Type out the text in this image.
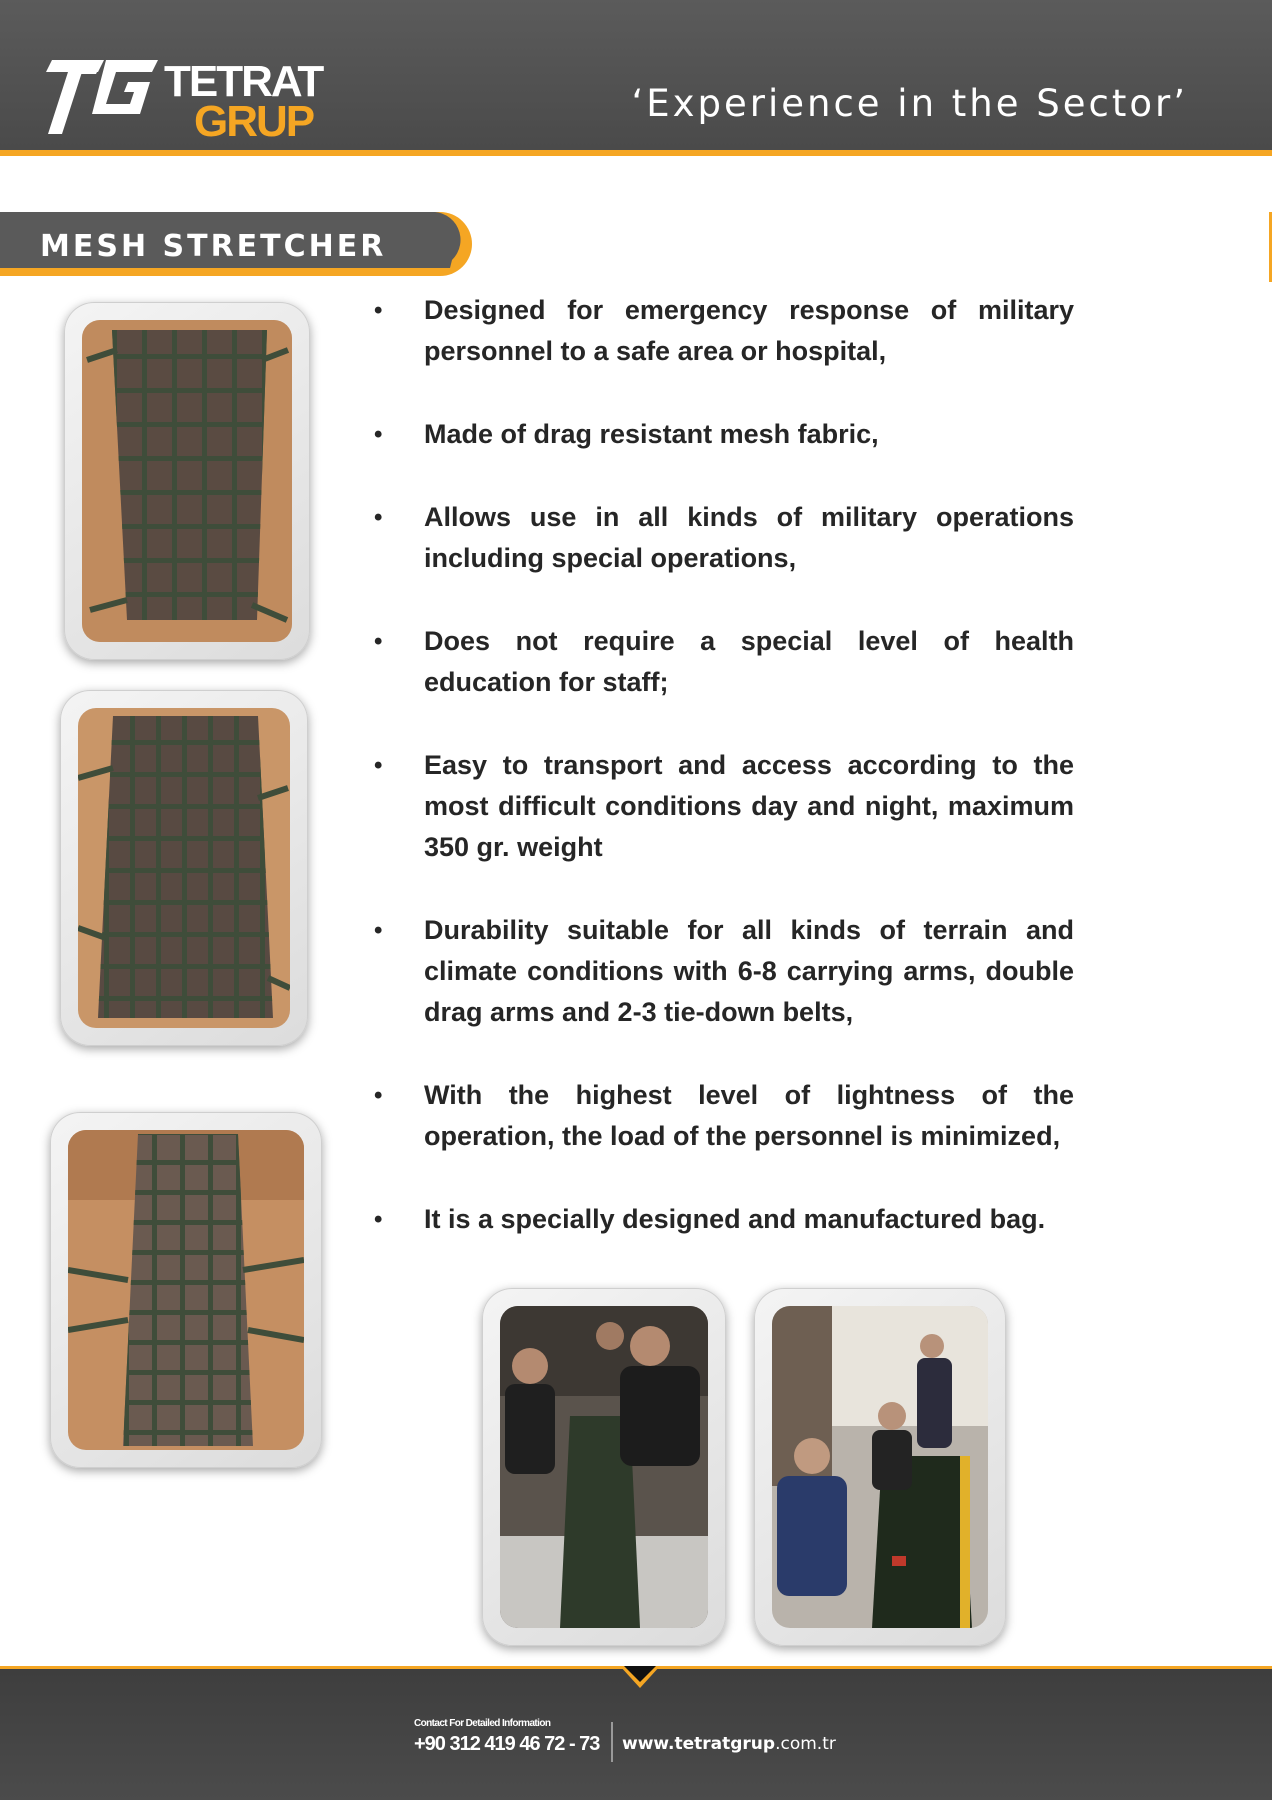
TETRAT
GRUP	‘Experience in the Sector’
MESH STRETCHER
• Designed for emergency response of military personnel to a safe area or hospital,
• Made of drag resistant mesh fabric,
• Allows use in all kinds of military operations including special operations,
• Does not require a special level of health education for staff;
• Easy to transport and access according to the most difficult conditions day and night, maximum 350 gr. weight
• Durability suitable for all kinds of terrain and climate conditions with 6-8 carrying arms, double drag arms and 2-3 tie-down belts,
• With the highest level of lightness of the operation, the load of the personnel is minimized,
• It is a specially designed and manufactured bag.
Contact For Detailed Information
+90 312 419 46 72 - 73 www.tetratgrup.com.tr
